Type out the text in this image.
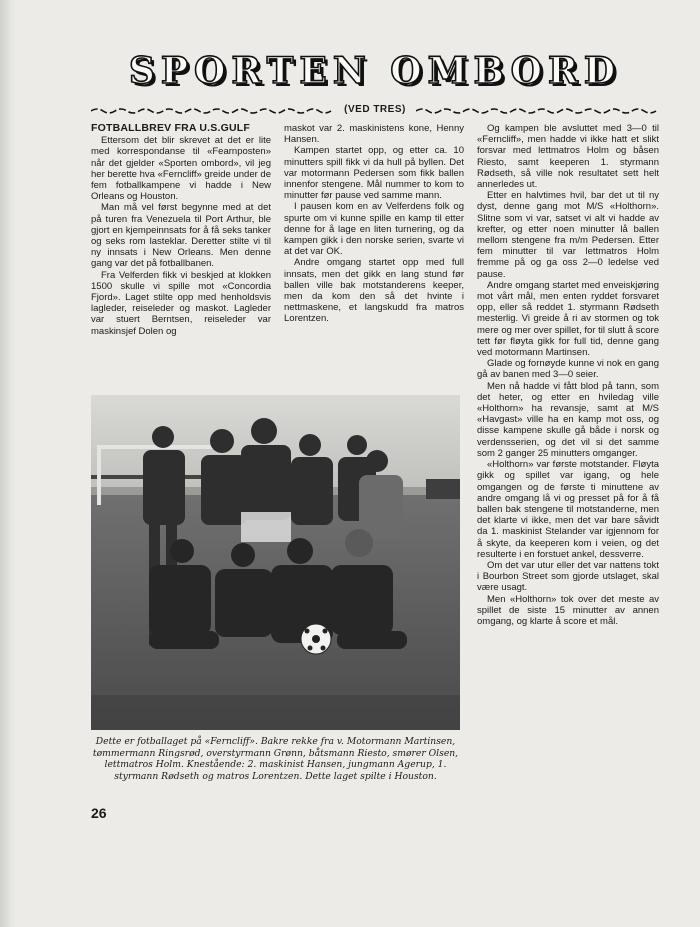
SPORTEN OMBORD
(VED TRES)

FOTBALLBREV FRA U.S.GULF

Ettersom det blir skrevet at det er lite med korrespondanse til «Fearnposten» når det gjelder «Sporten ombord», vil jeg her berette hva «Ferncliff» greide under de fem fotballkampene vi hadde i New Orleans og Houston.

Man må vel først begynne med at det på turen fra Venezuela til Port Arthur, ble gjort en kjempeinnsats for å få seks tanker og seks rom lasteklar. Deretter stilte vi til ny innsats i New Orleans. Men denne gang var det på fotballbanen.

Fra Velferden fikk vi beskjed at klokken 1500 skulle vi spille mot «Concordia Fjord». Laget stilte opp med henholdsvis lagleder, reiseleder og maskot. Lagleder var stuert Berntsen, reiseleder var maskinsjef Dolen og

maskot var 2. maskinistens kone, Henny Hansen.

Kampen startet opp, og etter ca. 10 minutters spill fikk vi da hull på byllen. Det var motormann Pedersen som fikk ballen innenfor stengene. Mål nummer to kom to minutter før pause ved samme mann.

I pausen kom en av Velferdens folk og spurte om vi kunne spille en kamp til etter denne for å lage en liten turnering, og da kampen gikk i den norske serien, svarte vi at det var OK.

Andre omgang startet opp med full innsats, men det gikk en lang stund før ballen ville bak motstanderens keeper, men da kom den så det hvinte i nettmaskene, et langskudd fra matros Lorentzen.

Og kampen ble avsluttet med 3—0 til «Ferncliff», men hadde vi ikke hatt et slikt forsvar med lettmatros Holm og båsen Riesto, samt keeperen 1. styrmann Rødseth, så ville nok resultatet sett helt annerledes ut.

Etter en halvtimes hvil, bar det ut til ny dyst, denne gang mot M/S «Holthorn». Slitne som vi var, satset vi alt vi hadde av krefter, og etter noen minutter lå ballen mellom stengene fra m/m Pedersen. Etter fem minutter til var lettmatros Holm fremme på og ga oss 2—0 ledelse ved pause.

Andre omgang startet med enveiskjøring mot vårt mål, men enten ryddet forsvaret opp, eller så reddet 1. styrmann Rødseth mesterlig. Vi greide å ri av stormen og tok mere og mer over spillet, for til slutt å score tett før fløyta gikk for full tid, denne gang ved motormann Martinsen.

Glade og fornøyde kunne vi nok en gang gå av banen med 3—0 seier.

Men nå hadde vi fått blod på tann, som det heter, og etter en hviledag ville «Holthorn» ha revansje, samt at M/S «Havgast» ville ha en kamp mot oss, og disse kampene skulle gå både i norsk og verdensserien, og det vil si det samme som 2 ganger 25 minutters omganger.

«Holthorn» var første motstander. Fløyta gikk og spillet var igang, og hele omgangen og de første ti minuttene av andre omgang lå vi og presset på for å få ballen bak stengene til motstanderne, men det klarte vi ikke, men det var bare såvidt da 1. maskinist Stelander var igjennom for å skyte, da keeperen kom i veien, og det resulterte i en forstuet ankel, dessverre.

Om det var utur eller det var nattens tokt i Bourbon Street som gjorde utslaget, skal være usagt.

Men «Holthorn» tok over det meste av spillet de siste 15 minutter av annen omgang, og klarte å score et mål.

Dette er fotballaget på «Ferncliff». Bakre rekke fra v. Motormann Martinsen, tømmermann Ringsrød, overstyrmann Grønn, båtsmann Riesto, smører Olsen, lettmatros Holm. Knestående: 2. maskinist Hansen, jungmann Agerup, 1. styrmann Rødseth og matros Lorentzen. Dette laget spilte i Houston.
26
